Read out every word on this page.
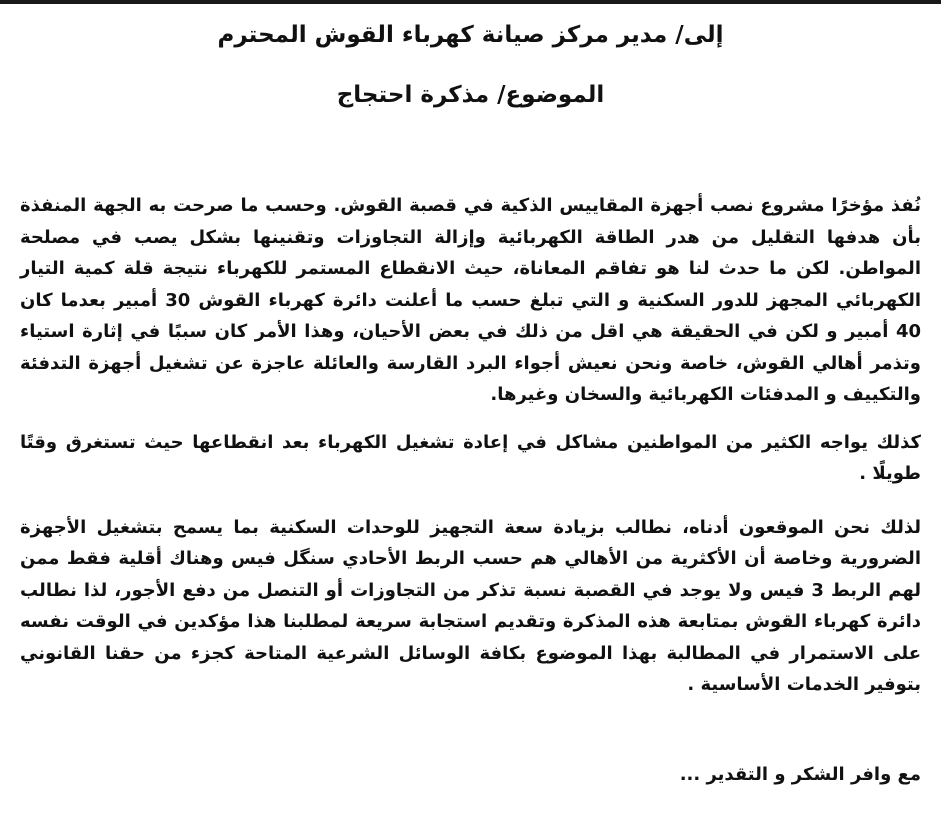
إلى/ مدير مركز صيانة كهرباء القوش المحترم
الموضوع/ مذكرة احتجاج

نُفذ مؤخرًا مشروع نصب أجهزة المقاييس الذكية في قصبة القوش. وحسب ما صرحت به الجهة المنفذة بأن هدفها التقليل من هدر الطاقة الكهربائية وإزالة التجاوزات وتقنينها بشكل يصب في مصلحة المواطن. لكن ما حدث لنا هو تفاقم المعاناة، حيث الانقطاع المستمر للكهرباء نتيجة قلة كمية التيار الكهربائي المجهز للدور السكنية و التي تبلغ حسب ما أعلنت دائرة كهرباء القوش 30 أمبير بعدما كان 40 أمبير و لكن في الحقيقة هي اقل من ذلك في بعض الأحيان، وهذا الأمر كان سببًا في إثارة استياء وتذمر أهالي القوش، خاصة ونحن نعيش أجواء البرد القارسة والعائلة عاجزة عن تشغيل أجهزة التدفئة والتكييف و المدفئات الكهربائية والسخان وغيرها.

كذلك يواجه الكثير من المواطنين مشاكل في إعادة تشغيل الكهرباء بعد انقطاعها حيث تستغرق وقتًا طويلًا .

لذلك نحن الموقعون أدناه، نطالب بزيادة سعة التجهيز للوحدات السكنية بما يسمح بتشغيل الأجهزة الضرورية وخاصة أن الأكثرية من الأهالي هم حسب الربط الأحادي سنگل فيس وهناك أقلية فقط ممن لهم الربط 3 فيس ولا يوجد في القصبة نسبة تذكر من التجاوزات أو التنصل من دفع الأجور، لذا نطالب دائرة كهرباء القوش بمتابعة هذه المذكرة وتقديم استجابة سريعة لمطلبنا هذا مؤكدين في الوقت نفسه على الاستمرار في المطالبة بهذا الموضوع بكافة الوسائل الشرعية المتاحة كجزء من حقنا القانوني بتوفير الخدمات الأساسية .

مع وافر الشكر و التقدير ...
